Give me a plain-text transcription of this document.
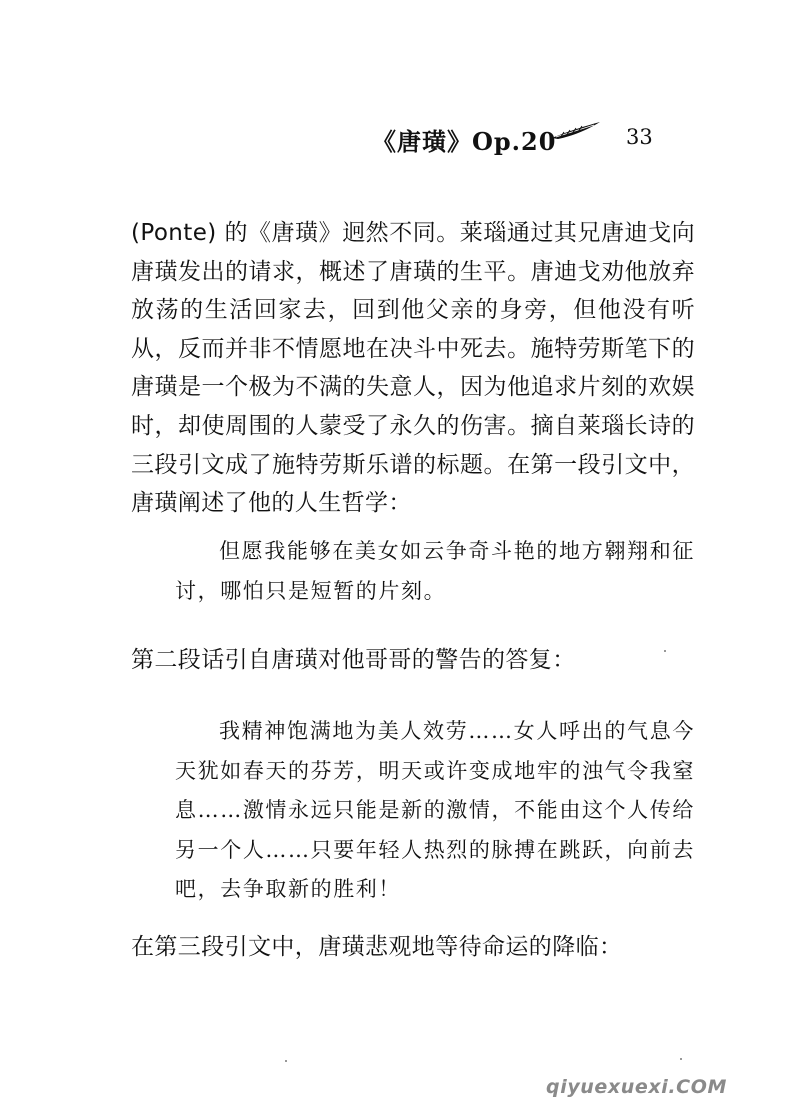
《唐璜》Op.20	33

(Ponte) 的《唐璜》迥然不同。莱瑙通过其兄唐迪戈向唐璜发出的请求，概述了唐璜的生平。唐迪戈劝他放弃放荡的生活回家去，回到他父亲的身旁，但他没有听从，反而并非不情愿地在决斗中死去。施特劳斯笔下的唐璜是一个极为不满的失意人，因为他追求片刻的欢娱时，却使周围的人蒙受了永久的伤害。摘自莱瑙长诗的三段引文成了施特劳斯乐谱的标题。在第一段引文中，唐璜阐述了他的人生哲学：

但愿我能够在美女如云争奇斗艳的地方翱翔和征讨，哪怕只是短暂的片刻。

第二段话引自唐璜对他哥哥的警告的答复：

我精神饱满地为美人效劳……女人呼出的气息今天犹如春天的芬芳，明天或许变成地牢的浊气令我窒息……激情永远只能是新的激情，不能由这个人传给另一个人……只要年轻人热烈的脉搏在跳跃，向前去吧，去争取新的胜利！

在第三段引文中，唐璜悲观地等待命运的降临：

qiyuexuexi.COM
